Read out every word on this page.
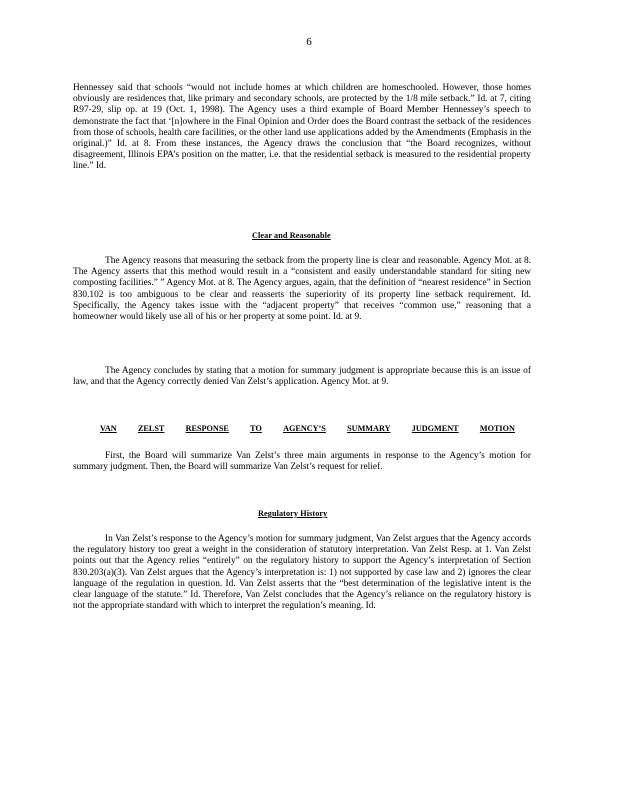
6

Hennessey said that schools “would not include homes at which children are homeschooled. However, those homes obviously are residences that, like primary and secondary schools, are protected by the 1/8 mile setback.” Id. at 7, citing R97-29, slip op. at 19 (Oct. 1, 1998). The Agency uses a third example of Board Member Hennessey’s speech to demonstrate the fact that ‘[n]owhere in the Final Opinion and Order does the Board contrast the setback of the residences from those of schools, health care facilities, or the other land use applications added by the Amendments (Emphasis in the original.)” Id. at 8. From these instances, the Agency draws the conclusion that “the Board recognizes, without disagreement, Illinois EPA’s position on the matter, i.e. that the residential setback is measured to the residential property line.” Id.

Clear and Reasonable

The Agency reasons that measuring the setback from the property line is clear and reasonable. Agency Mot. at 8. The Agency asserts that this method would result in a “consistent and easily understandable standard for siting new composting facilities.” ” Agency Mot. at 8. The Agency argues, again, that the definition of “nearest residence” in Section 830.102 is too ambiguous to be clear and reasserts the superiority of its property line setback requirement. Id. Specifically, the Agency takes issue with the “adjacent property” that receives “common use,” reasoning that a homeowner would likely use all of his or her property at some point. Id. at 9.

The Agency concludes by stating that a motion for summary judgment is appropriate because this is an issue of law, and that the Agency correctly denied Van Zelst’s application. Agency Mot. at 9.

VAN	ZELST	RESPONSE	TO	AGENCY’S	SUMMARY	JUDGMENT	MOTION

First, the Board will summarize Van Zelst’s three main arguments in response to the Agency’s motion for summary judgment. Then, the Board will summarize Van Zelst’s request for relief.

Regulatory History

In Van Zelst’s response to the Agency’s motion for summary judgment, Van Zelst argues that the Agency accords the regulatory history too great a weight in the consideration of statutory interpretation. Van Zelst Resp. at 1. Van Zelst points out that the Agency relies “entirely” on the regulatory history to support the Agency’s interpretation of Section 830.203(a)(3). Van Zelst argues that the Agency’s interpretation is: 1) not supported by case law and 2) ignores the clear language of the regulation in question. Id. Van Zelst asserts that the “best determination of the legislative intent is the clear language of the statute.” Id. Therefore, Van Zelst concludes that the Agency’s reliance on the regulatory history is not the appropriate standard with which to interpret the regulation’s meaning. Id.
